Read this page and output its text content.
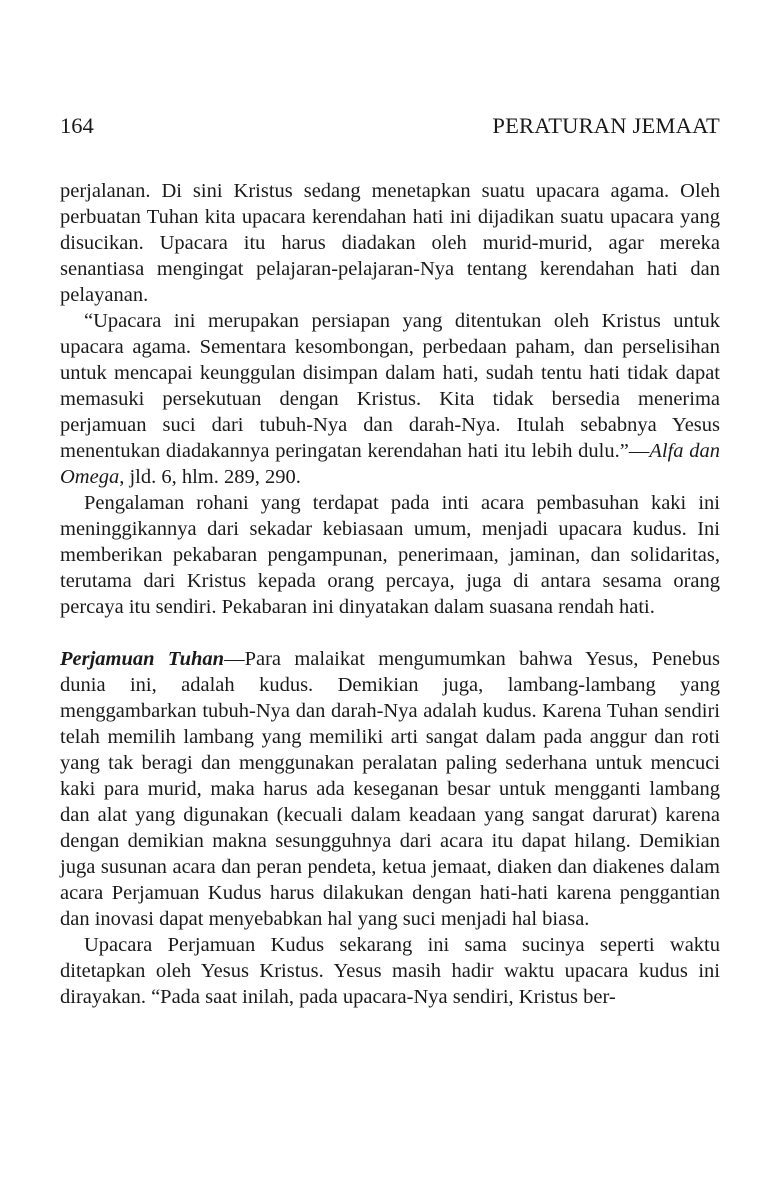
164	PERATURAN JEMAAT

perjalanan. Di sini Kristus sedang menetapkan suatu upacara agama. Oleh perbuatan Tuhan kita upacara kerendahan hati ini dijadikan suatu upacara yang disucikan. Upacara itu harus diadakan oleh murid-murid, agar mereka senantiasa mengingat pelajaran-pelajaran-Nya tentang kerendahan hati dan pelayanan.

“Upacara ini merupakan persiapan yang ditentukan oleh Kristus untuk upacara agama. Sementara kesombongan, perbedaan paham, dan perselisihan untuk mencapai keunggulan disimpan dalam hati, sudah tentu hati tidak dapat memasuki persekutuan dengan Kristus. Kita tidak bersedia menerima perjamuan suci dari tubuh-Nya dan darah-Nya. Itulah sebabnya Yesus menentukan diadakannya peringatan kerendahan hati itu lebih dulu.”—Alfa dan Omega, jld. 6, hlm. 289, 290.

Pengalaman rohani yang terdapat pada inti acara pembasuhan kaki ini meninggikannya dari sekadar kebiasaan umum, menjadi upacara kudus. Ini memberikan pekabaran pengampunan, penerimaan, jaminan, dan solidaritas, terutama dari Kristus kepada orang percaya, juga di antara sesama orang percaya itu sendiri. Pekabaran ini dinyatakan dalam suasana rendah hati.

Perjamuan Tuhan—Para malaikat mengumumkan bahwa Yesus, Penebus dunia ini, adalah kudus. Demikian juga, lambang-lambang yang menggambarkan tubuh-Nya dan darah-Nya adalah kudus. Karena Tuhan sendiri telah memilih lambang yang memiliki arti sangat dalam pada anggur dan roti yang tak beragi dan menggunakan peralatan paling sederhana untuk mencuci kaki para murid, maka harus ada keseganan besar untuk mengganti lambang dan alat yang digunakan (kecuali dalam keadaan yang sangat darurat) karena dengan demikian makna sesungguhnya dari acara itu dapat hilang. Demikian juga susunan acara dan peran pendeta, ketua jemaat, diaken dan diakenes dalam acara Perjamuan Kudus harus dilakukan dengan hati-hati karena penggantian dan inovasi dapat menyebabkan hal yang suci menjadi hal biasa.

Upacara Perjamuan Kudus sekarang ini sama sucinya seperti waktu ditetapkan oleh Yesus Kristus. Yesus masih hadir waktu upacara kudus ini dirayakan. “Pada saat inilah, pada upacara-Nya sendiri, Kristus ber-
